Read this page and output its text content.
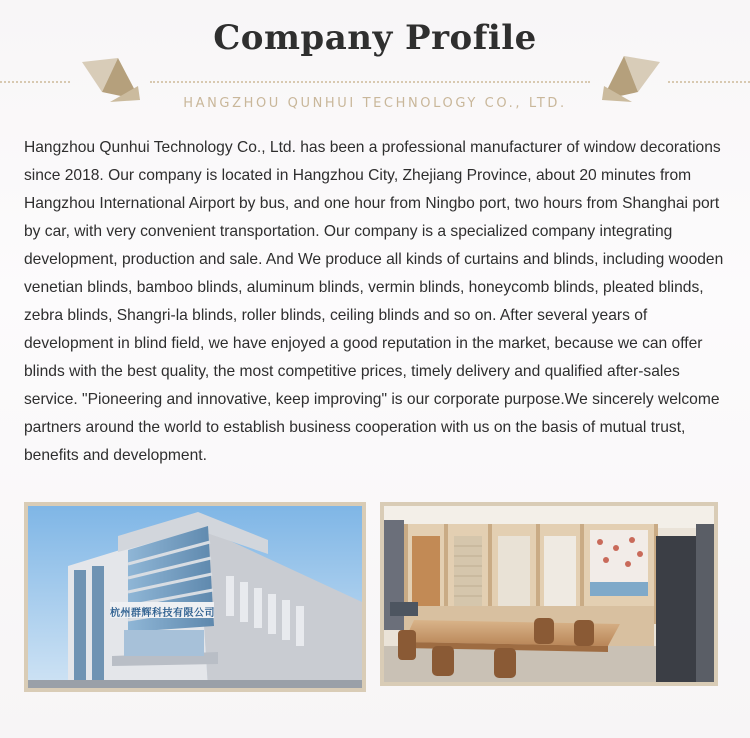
Company Profile
HANGZHOU QUNHUI TECHNOLOGY CO., LTD.
Hangzhou Qunhui Technology Co., Ltd. has been a professional manufacturer of window decorations since 2018. Our company is located in Hangzhou City, Zhejiang Province, about 20 minutes from Hangzhou International Airport by bus, and one hour from Ningbo port, two hours from Shanghai port by car, with very convenient transportation. Our company is a specialized company integrating development, production and sale. And We produce all kinds of curtains and blinds, including wooden venetian blinds, bamboo blinds, aluminum blinds, vermin blinds, honeycomb blinds, pleated blinds, zebra blinds, Shangri-la blinds, roller blinds, ceiling blinds and so on. After several years of development in blind field, we have enjoyed a good reputation in the market, because we can offer blinds with the best quality, the most competitive prices, timely delivery and qualified after-sales service. "Pioneering and innovative, keep improving" is our corporate purpose.We sincerely welcome partners around the world to establish business cooperation with us on the basis of mutual trust, benefits and development.
杭州群辉科技有限公司
